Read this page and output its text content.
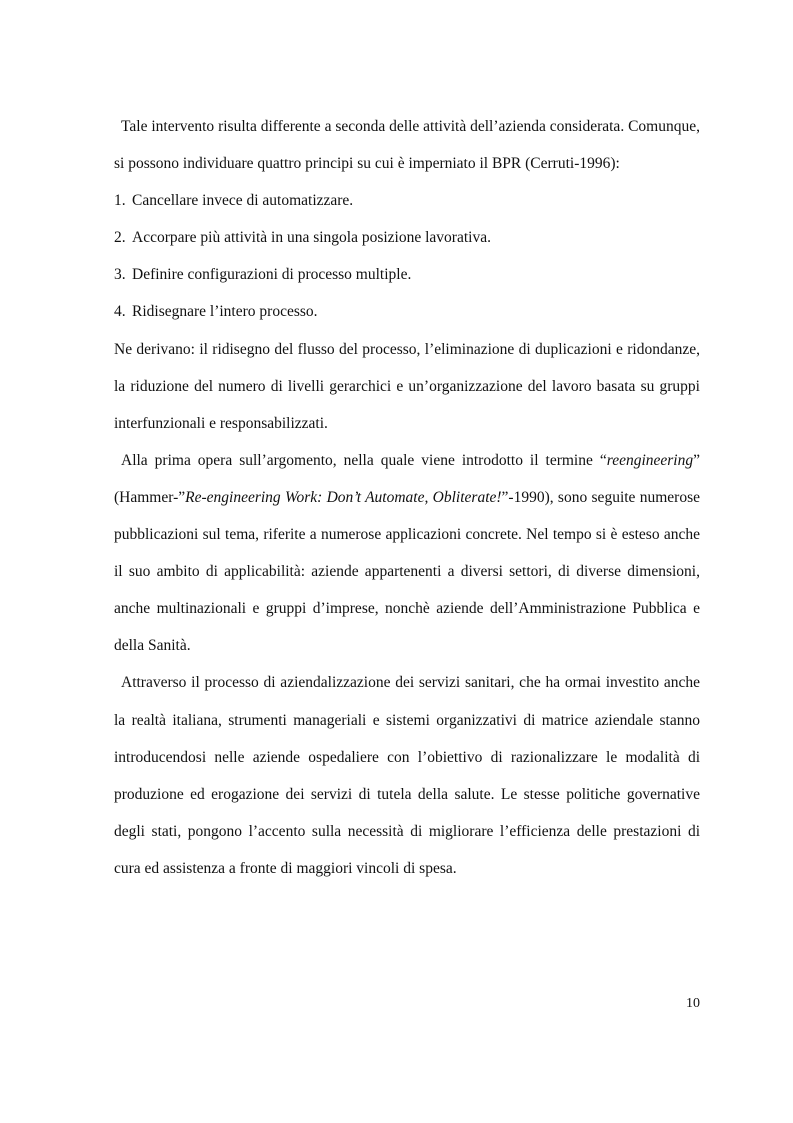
Tale intervento risulta differente a seconda delle attività dell’azienda considerata. Comunque, si possono individuare quattro principi su cui è imperniato il BPR (Cerruti-1996):

1. Cancellare invece di automatizzare.
2. Accorpare più attività in una singola posizione lavorativa.
3. Definire configurazioni di processo multiple.
4. Ridisegnare l’intero processo.

Ne derivano: il ridisegno del flusso del processo, l’eliminazione di duplicazioni e ridondanze, la riduzione del numero di livelli gerarchici e un’organizzazione del lavoro basata su gruppi interfunzionali e responsabilizzati.

Alla prima opera sull’argomento, nella quale viene introdotto il termine “reengineering” (Hammer-”Re-engineering Work: Don’t Automate, Obliterate!”-1990), sono seguite numerose pubblicazioni sul tema, riferite a numerose applicazioni concrete. Nel tempo si è esteso anche il suo ambito di applicabilità: aziende appartenenti a diversi settori, di diverse dimensioni, anche multinazionali e gruppi d’imprese, nonchè aziende dell’Amministrazione Pubblica e della Sanità.

Attraverso il processo di aziendalizzazione dei servizi sanitari, che ha ormai investito anche la realtà italiana, strumenti manageriali e sistemi organizzativi di matrice aziendale stanno introducendosi nelle aziende ospedaliere con l’obiettivo di razionalizzare le modalità di produzione ed erogazione dei servizi di tutela della salute. Le stesse politiche governative degli stati, pongono l’accento sulla necessità di migliorare l’efficienza delle prestazioni di cura ed assistenza a fronte di maggiori vincoli di spesa.

10
